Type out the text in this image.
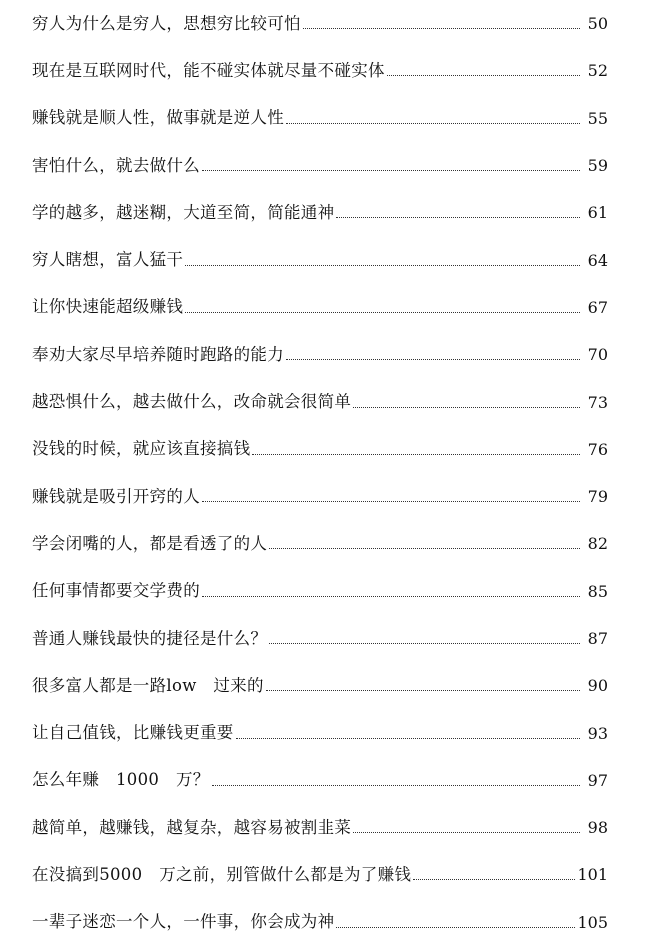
穷人为什么是穷人，思想穷比较可怕	50
现在是互联网时代，能不碰实体就尽量不碰实体	52
赚钱就是顺人性，做事就是逆人性	55
害怕什么，就去做什么	59
学的越多，越迷糊，大道至简，简能通神	61
穷人瞎想，富人猛干	64
让你快速能超级赚钱	67
奉劝大家尽早培养随时跑路的能力	70
越恐惧什么，越去做什么，改命就会很简单	73
没钱的时候，就应该直接搞钱	76
赚钱就是吸引开窍的人	79
学会闭嘴的人，都是看透了的人	82
任何事情都要交学费的	85
普通人赚钱最快的捷径是什么？	87
很多富人都是一路low　过来的	90
让自己值钱，比赚钱更重要	93
怎么年赚　1000　万？	97
越简单，越赚钱，越复杂，越容易被割韭菜	98
在没搞到5000　万之前，别管做什么都是为了赚钱	101
一辈子迷恋一个人，一件事，你会成为神	105
